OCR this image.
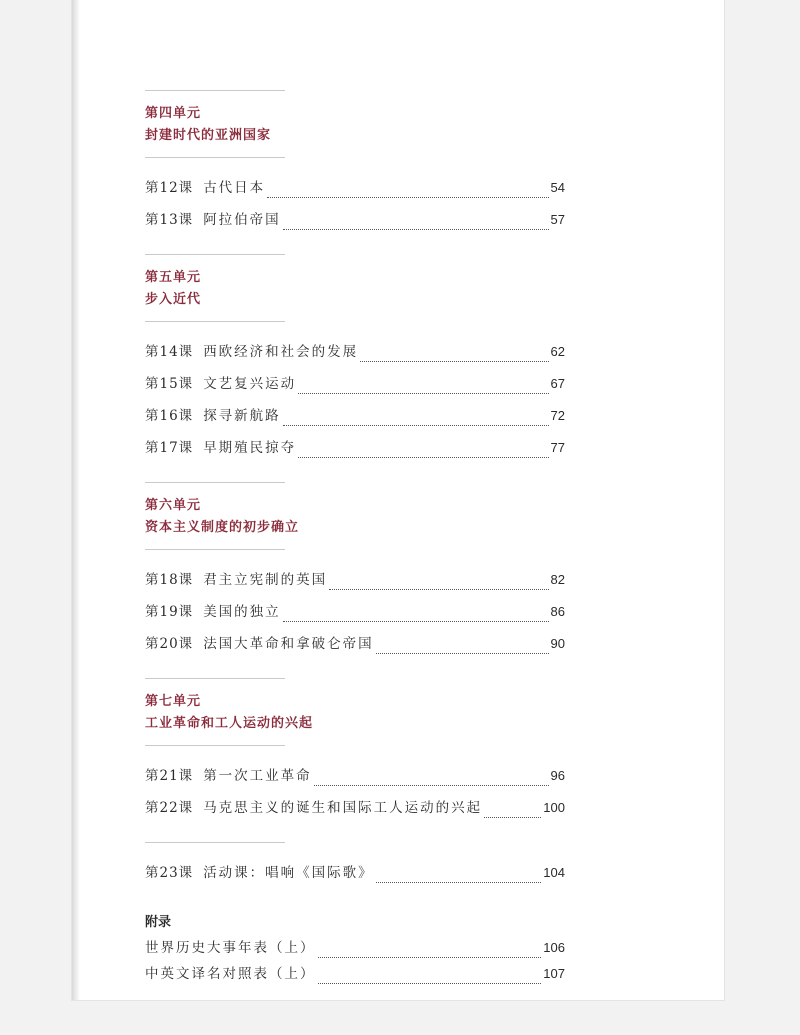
第四单元
封建时代的亚洲国家
第12课 古代日本	54
第13课 阿拉伯帝国	57
第五单元
步入近代
第14课 西欧经济和社会的发展	62
第15课 文艺复兴运动	67
第16课 探寻新航路	72
第17课 早期殖民掠夺	77
第六单元
资本主义制度的初步确立
第18课 君主立宪制的英国	82
第19课 美国的独立	86
第20课 法国大革命和拿破仑帝国	90
第七单元
工业革命和工人运动的兴起
第21课 第一次工业革命	96
第22课 马克思主义的诞生和国际工人运动的兴起	100
第23课 活动课：唱响《国际歌》	104
附录
世界历史大事年表（上）	106
中英文译名对照表（上）	107
